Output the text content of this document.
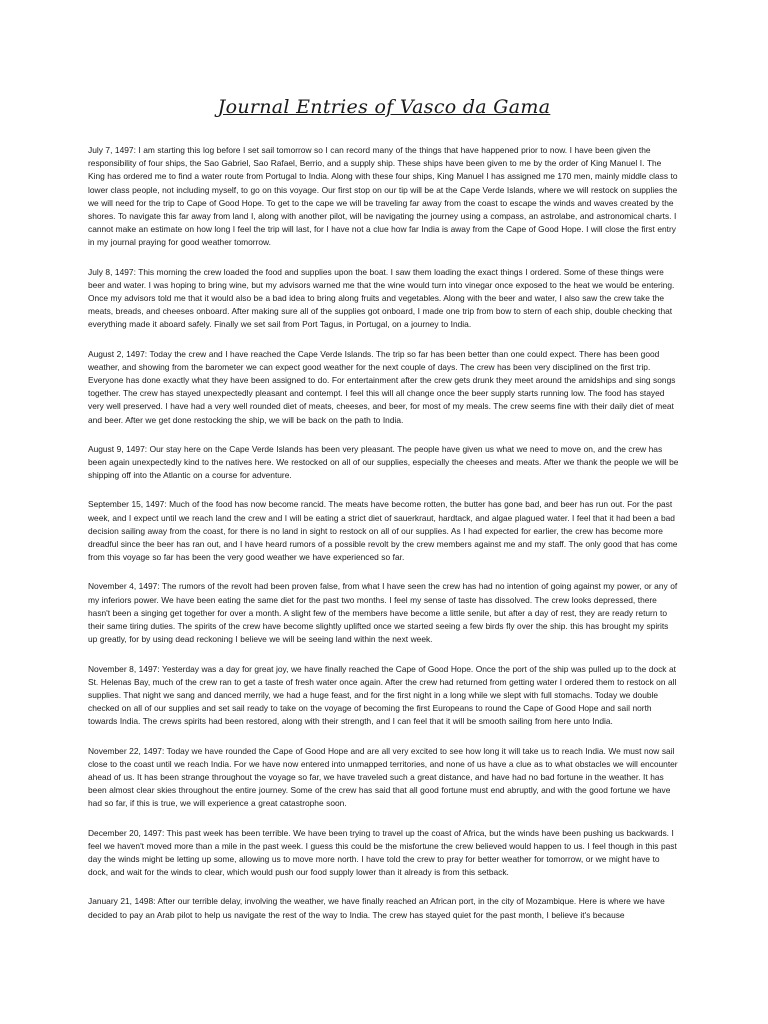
Journal Entries of Vasco da Gama

July 7, 1497: I am starting this log before I set sail tomorrow so I can record many of the things that have happened prior to now. I have been given the responsibility of four ships, the Sao Gabriel, Sao Rafael, Berrio, and a supply ship. These ships have been given to me by the order of King Manuel I. The King has ordered me to find a water route from Portugal to India. Along with these four ships, King Manuel I has assigned me 170 men, mainly middle class to lower class people, not including myself, to go on this voyage. Our first stop on our tip will be at the Cape Verde Islands, where we will restock on supplies the we will need for the trip to Cape of Good Hope. To get to the cape we will be traveling far away from the coast to escape the winds and waves created by the shores. To navigate this far away from land I, along with another pilot, will be navigating the journey using a compass, an astrolabe, and astronomical charts. I cannot make an estimate on how long I feel the trip will last, for I have not a clue how far India is away from the Cape of Good Hope. I will close the first entry in my journal praying for good weather tomorrow.

July 8, 1497: This morning the crew loaded the food and supplies upon the boat. I saw them loading the exact things I ordered. Some of these things were beer and water. I was hoping to bring wine, but my advisors warned me that the wine would turn into vinegar once exposed to the heat we would be entering. Once my advisors told me that it would also be a bad idea to bring along fruits and vegetables. Along with the beer and water, I also saw the crew take the meats, breads, and cheeses onboard. After making sure all of the supplies got onboard, I made one trip from bow to stern of each ship, double checking that everything made it aboard safely. Finally we set sail from Port Tagus, in Portugal, on a journey to India.

August 2, 1497: Today the crew and I have reached the Cape Verde Islands. The trip so far has been better than one could expect. There has been good weather, and showing from the barometer we can expect good weather for the next couple of days. The crew has been very disciplined on the first trip. Everyone has done exactly what they have been assigned to do. For entertainment after the crew gets drunk they meet around the amidships and sing songs together. The crew has stayed unexpectedly pleasant and contempt. I feel this will all change once the beer supply starts running low. The food has stayed very well preserved. I have had a very well rounded diet of meats, cheeses, and beer, for most of my meals. The crew seems fine with their daily diet of meat and beer. After we get done restocking the ship, we will be back on the path to India.

August 9, 1497: Our stay here on the Cape Verde Islands has been very pleasant. The people have given us what we need to move on, and the crew has been again unexpectedly kind to the natives here. We restocked on all of our supplies, especially the cheeses and meats. After we thank the people we will be shipping off into the Atlantic on a course for adventure.

September 15, 1497: Much of the food has now become rancid. The meats have become rotten, the butter has gone bad, and beer has run out. For the past week, and I expect until we reach land the crew and I will be eating a strict diet of sauerkraut, hardtack, and algae plagued water. I feel that it had been a bad decision sailing away from the coast, for there is no land in sight to restock on all of our supplies. As I had expected for earlier, the crew has become more dreadful since the beer has ran out, and I have heard rumors of a possible revolt by the crew members against me and my staff. The only good that has come from this voyage so far has been the very good weather we have experienced so far.

November 4, 1497: The rumors of the revolt had been proven false, from what I have seen the crew has had no intention of going against my power, or any of my inferiors power. We have been eating the same diet for the past two months. I feel my sense of taste has dissolved. The crew looks depressed, there hasn't been a singing get together for over a month. A slight few of the members have become a little senile, but after a day of rest, they are ready return to their same tiring duties. The spirits of the crew have become slightly uplifted once we started seeing a few birds fly over the ship. this has brought my spirits up greatly, for by using dead reckoning I believe we will be seeing land within the next week.

November 8, 1497: Yesterday was a day for great joy, we have finally reached the Cape of Good Hope. Once the port of the ship was pulled up to the dock at St. Helenas Bay, much of the crew ran to get a taste of fresh water once again. After the crew had returned from getting water I ordered them to restock on all supplies. That night we sang and danced merrily, we had a huge feast, and for the first night in a long while we slept with full stomachs. Today we double checked on all of our supplies and set sail ready to take on the voyage of becoming the first Europeans to round the Cape of Good Hope and sail north towards India. The crews spirits had been restored, along with their strength, and I can feel that it will be smooth sailing from here unto India.

November 22, 1497: Today we have rounded the Cape of Good Hope and are all very excited to see how long it will take us to reach India. We must now sail close to the coast until we reach India. For we have now entered into unmapped territories, and none of us have a clue as to what obstacles we will encounter ahead of us. It has been strange throughout the voyage so far, we have traveled such a great distance, and have had no bad fortune in the weather. It has been almost clear skies throughout the entire journey. Some of the crew has said that all good fortune must end abruptly, and with the good fortune we have had so far, if this is true, we will experience a great catastrophe soon.

December 20, 1497: This past week has been terrible. We have been trying to travel up the coast of Africa, but the winds have been pushing us backwards. I feel we haven't moved more than a mile in the past week. I guess this could be the misfortune the crew believed would happen to us. I feel though in this past day the winds might be letting up some, allowing us to move more north. I have told the crew to pray for better weather for tomorrow, or we might have to dock, and wait for the winds to clear, which would push our food supply lower than it already is from this setback.

January 21, 1498: After our terrible delay, involving the weather, we have finally reached an African port, in the city of Mozambique. Here is where we have decided to pay an Arab pilot to help us navigate the rest of the way to India. The crew has stayed quiet for the past month, I believe it's because
